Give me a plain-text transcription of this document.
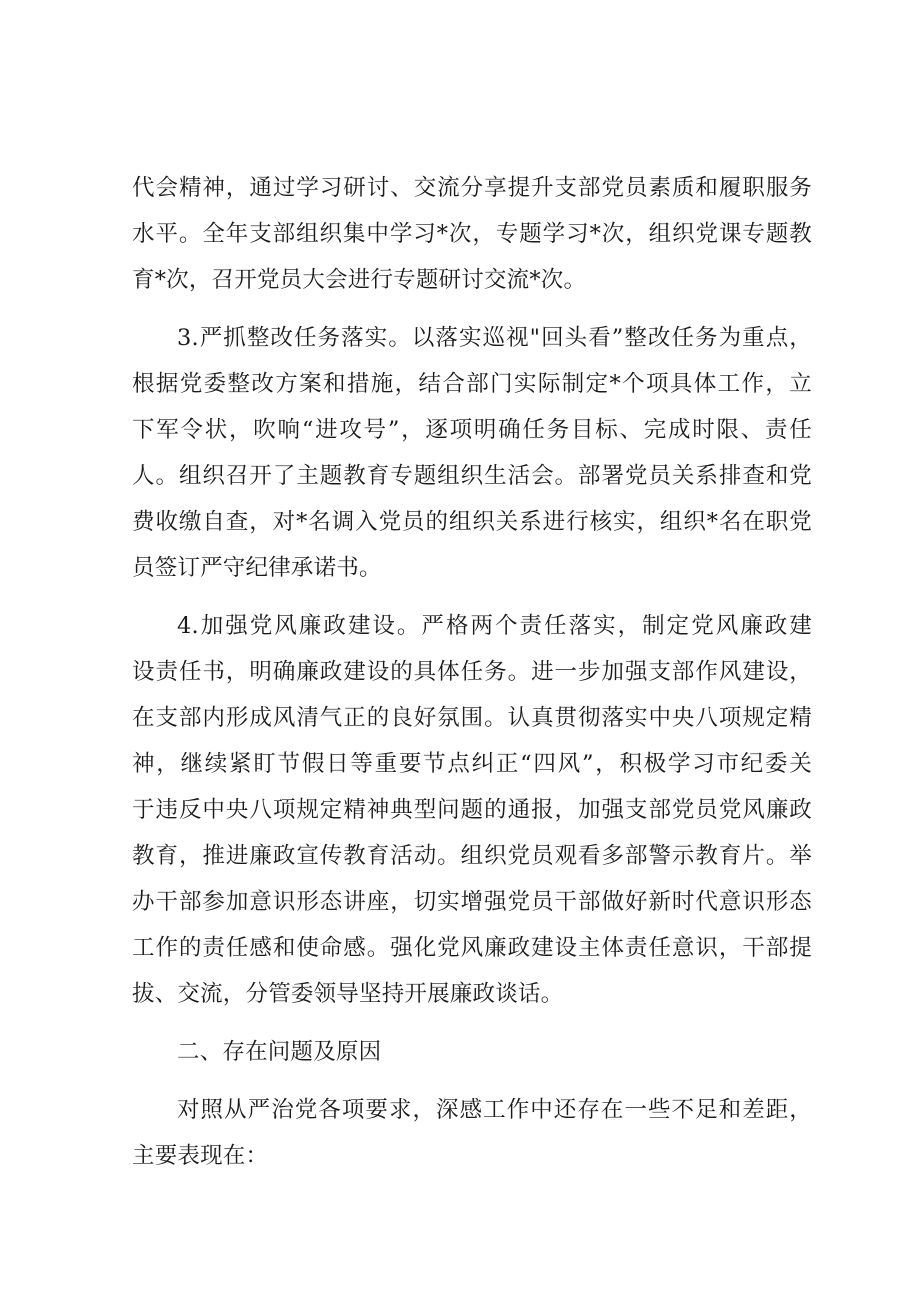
代会精神，通过学习研讨、交流分享提升支部党员素质和履职服务
水平。全年支部组织集中学习*次，专题学习*次，组织党课专题教
育*次，召开党员大会进行专题研讨交流*次。
3.严抓整改任务落实。以落实巡视"回头看”整改任务为重点，
根据党委整改方案和措施，结合部门实际制定*个项具体工作，立
下军令状，吹响“进攻号”，逐项明确任务目标、完成时限、责任
人。组织召开了主题教育专题组织生活会。部署党员关系排查和党
费收缴自查，对*名调入党员的组织关系进行核实，组织*名在职党
员签订严守纪律承诺书。
4.加强党风廉政建设。严格两个责任落实，制定党风廉政建
设责任书，明确廉政建设的具体任务。进一步加强支部作风建设，
在支部内形成风清气正的良好氛围。认真贯彻落实中央八项规定精
神，继续紧盯节假日等重要节点纠正“四风”，积极学习市纪委关
于违反中央八项规定精神典型问题的通报，加强支部党员党风廉政
教育，推进廉政宣传教育活动。组织党员观看多部警示教育片。举
办干部参加意识形态讲座，切实增强党员干部做好新时代意识形态
工作的责任感和使命感。强化党风廉政建设主体责任意识，干部提
拔、交流，分管委领导坚持开展廉政谈话。
二、存在问题及原因
对照从严治党各项要求，深感工作中还存在一些不足和差距，
主要表现在：
